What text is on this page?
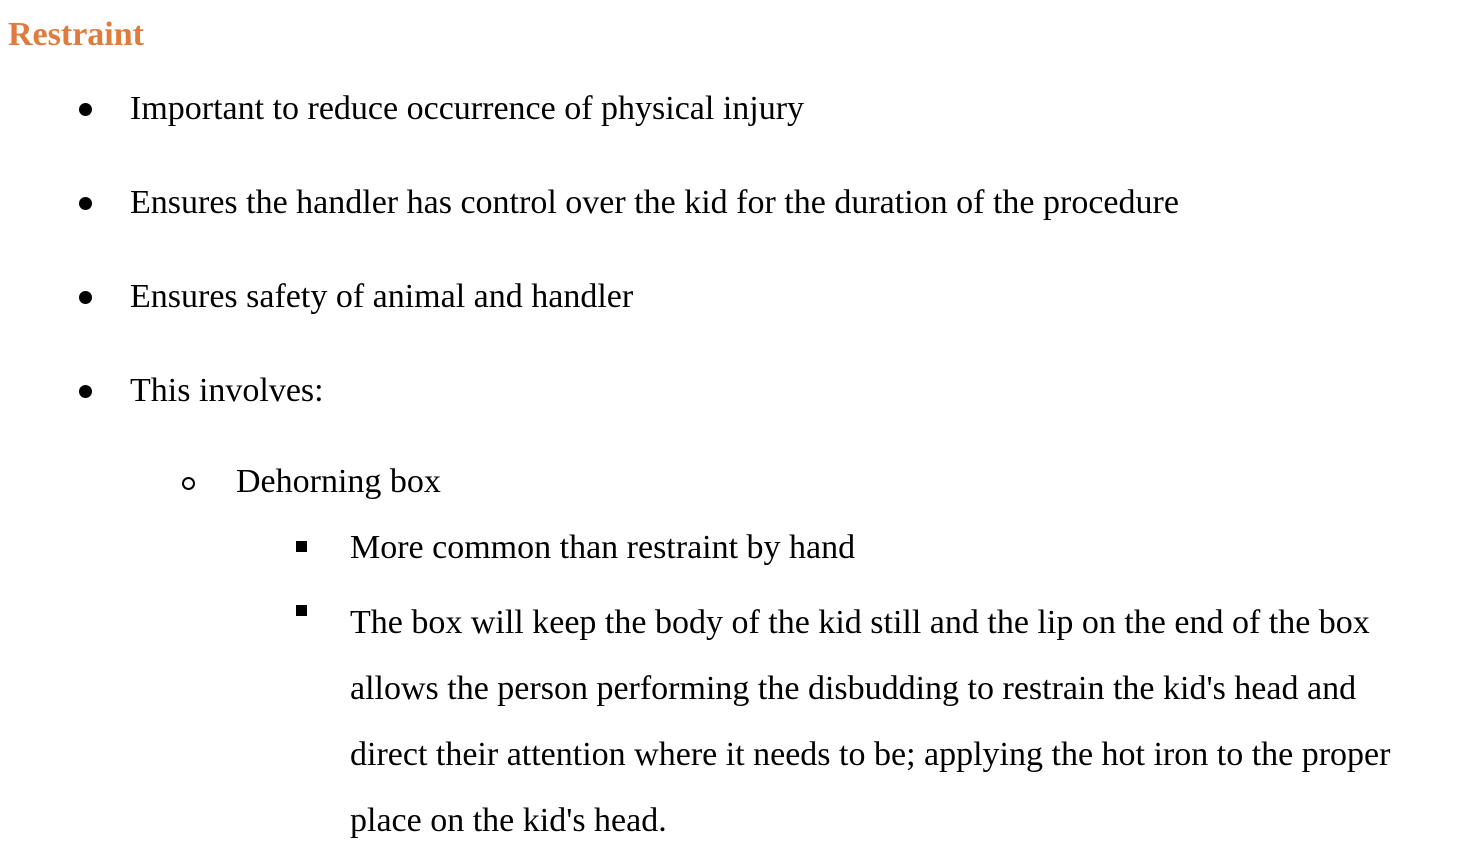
Restraint
Important to reduce occurrence of physical injury
Ensures the handler has control over the kid for the duration of the procedure
Ensures safety of animal and handler
This involves:
Dehorning box
More common than restraint by hand
The box will keep the body of the kid still and the lip on the end of the box allows the person performing the disbudding to restrain the kid's head and direct their attention where it needs to be; applying the hot iron to the proper place on the kid's head.
